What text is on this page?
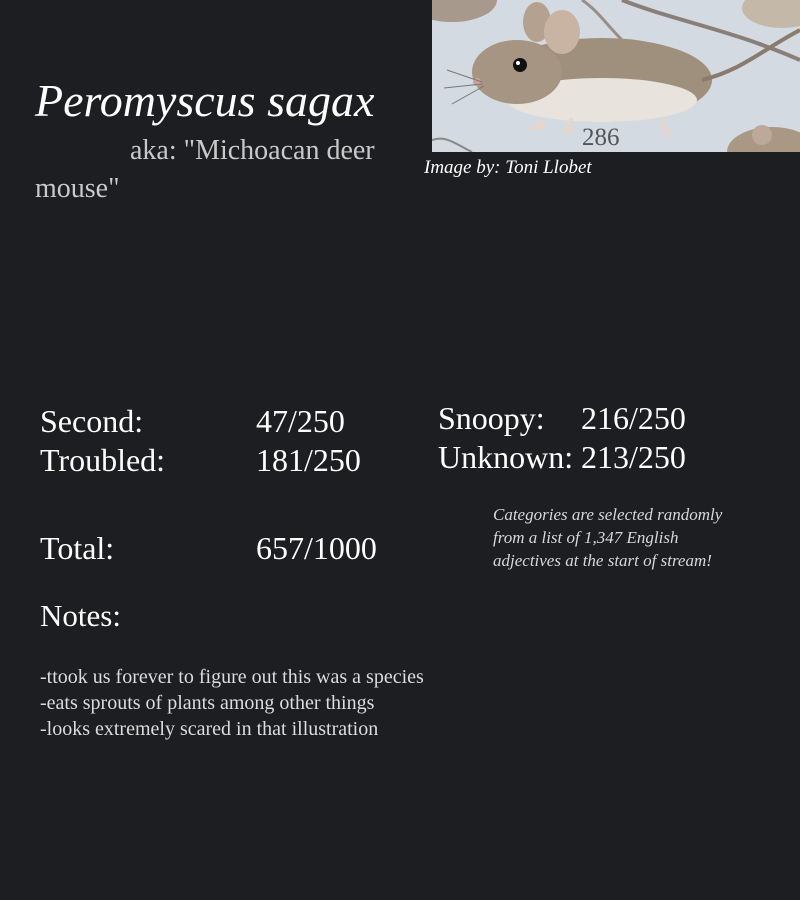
Peromyscus sagax
aka: "Michoacan deer mouse"
286
Image by: Toni Llobet
Second:	47/250
Troubled:	181/250
Snoopy: 216/250
Unknown: 213/250
Total:	657/1000
Categories are selected randomly from a list of 1,347 English adjectives at the start of stream!
Notes:
-ttook us forever to figure out this was a species
-eats sprouts of plants among other things
-looks extremely scared in that illustration
